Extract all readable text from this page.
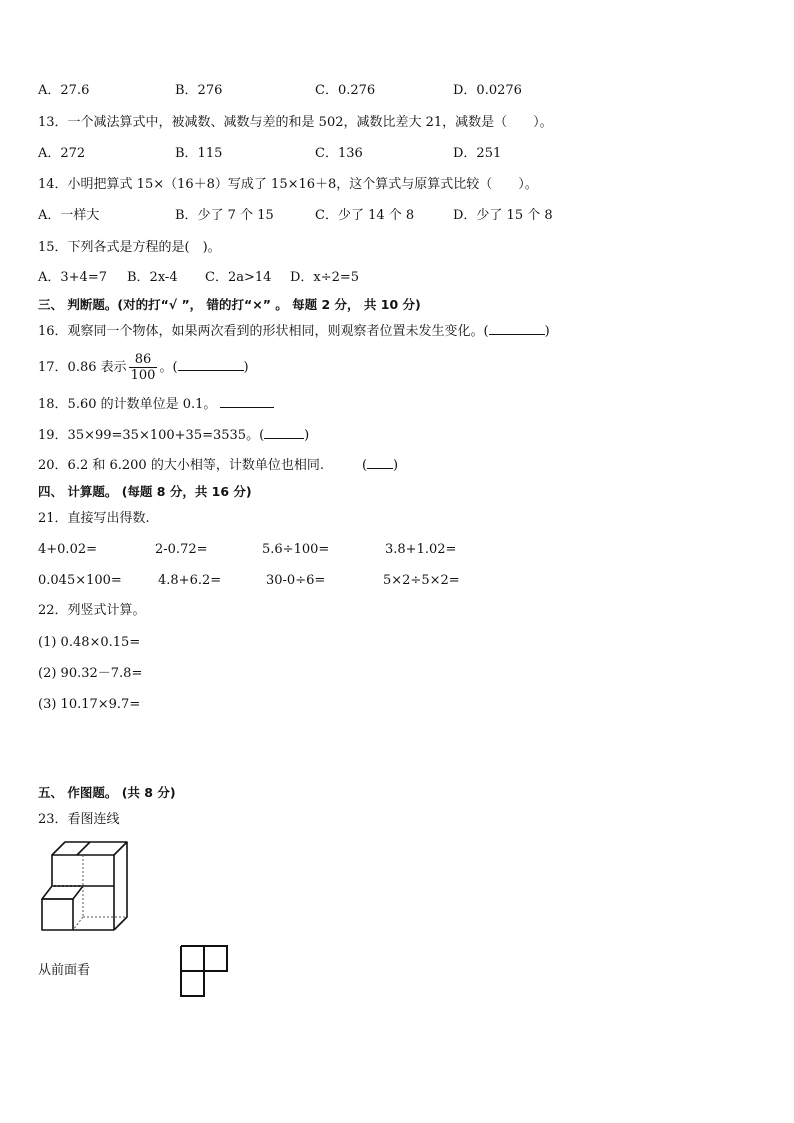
A．27.6	B．276	C．0.276	D．0.0276
13．一个减法算式中，被减数、减数与差的和是 502，减数比差大 21，减数是（　　）。
A．272	B．115	C．136	D．251
14．小明把算式 15×（16＋8）写成了 15×16＋8，这个算式与原算式比较（　　）。
A．一样大	B．少了 7 个 15	C．少了 14 个 8	D．少了 15 个 8
15．下列各式是方程的是(　)。
A．3+4=7 B．2x-4 C．2a>14 D．x÷2=5
三、 判断题。(对的打“√ ”， 错的打“×” 。 每题 2 分， 共 10 分)
16．观察同一个物体，如果两次看到的形状相同，则观察者位置未发生变化。(	)
17．0.86 表示 $\frac{86}{100}$ 。(	)
18．5.60 的计数单位是 0.1。
19．35×99=35×100+35=3535。(	)
20．6.2 和 6.200 的大小相等，计数单位也相同.	( )
四、 计算题。 (每题 8 分，共 16 分)
21．直接写出得数.
4+0.02=	2-0.72=	5.6÷100=	3.8+1.02=
0.045×100=	4.8+6.2=	30-0÷6=	5×2÷5×2=
22．列竖式计算。
(1) 0.48×0.15=
(2) 90.32－7.8=
(3) 10.17×9.7=
五、 作图题。 (共 8 分)
23．看图连线
从前面看
